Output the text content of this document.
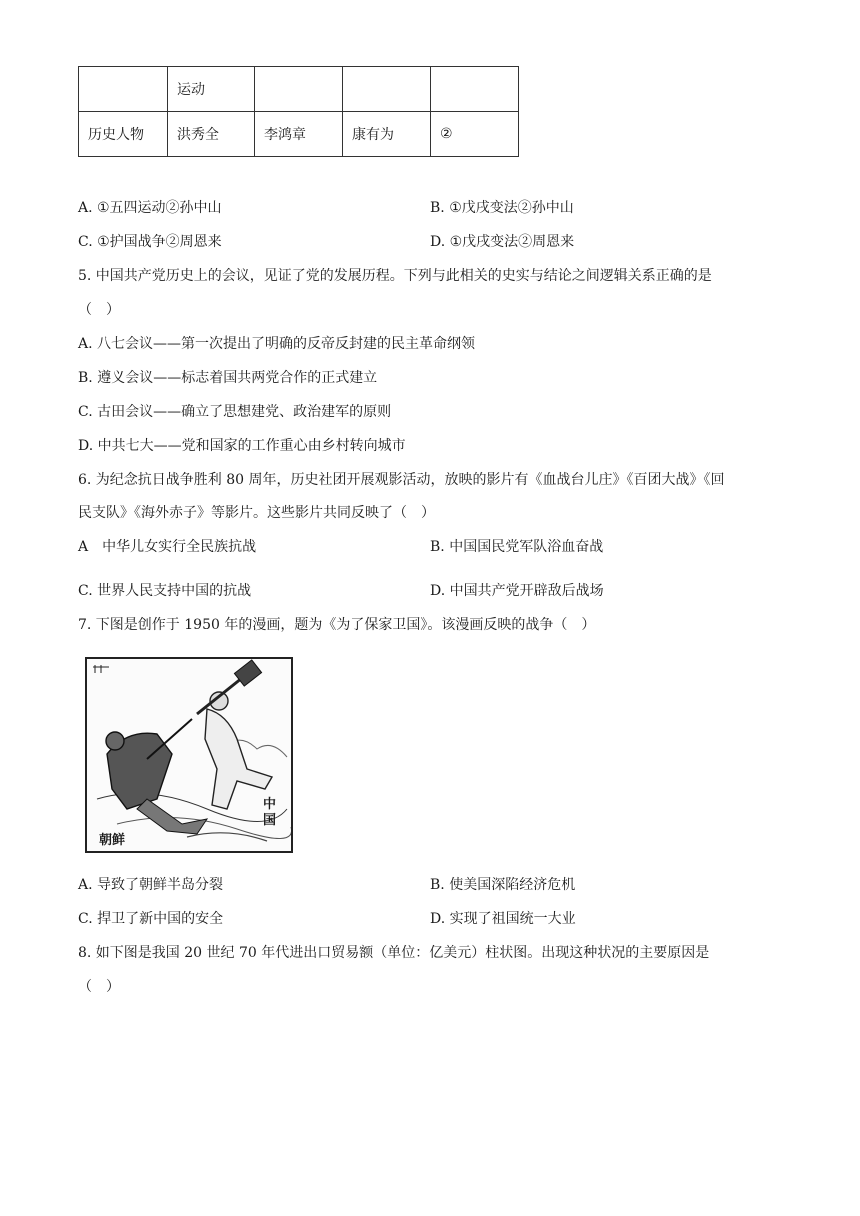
	运动			
历史人物	洪秀全	李鸿章	康有为	②
A. ①五四运动②孙中山	B. ①戊戌变法②孙中山
C. ①护国战争②周恩来	D. ①戊戌变法②周恩来
5. 中国共产党历史上的会议，见证了党的发展历程。下列与此相关的史实与结论之间逻辑关系正确的是
（　）
A. 八七会议——第一次提出了明确的反帝反封建的民主革命纲领
B. 遵义会议——标志着国共两党合作的正式建立
C. 古田会议——确立了思想建党、政治建军的原则
D. 中共七大——党和国家的工作重心由乡村转向城市
6. 为纪念抗日战争胜利 80 周年，历史社团开展观影活动，放映的影片有《血战台儿庄》《百团大战》《回
民支队》《海外赤子》等影片。这些影片共同反映了（　）
A　中华儿女实行全民族抗战	B. 中国国民党军队浴血奋战
C. 世界人民支持中国的抗战	D. 中国共产党开辟敌后战场
7. 下图是创作于 1950 年的漫画，题为《为了保家卫国》。该漫画反映的战争（　）
中
国
朝鲜
A. 导致了朝鲜半岛分裂	B. 使美国深陷经济危机
C. 捍卫了新中国的安全	D. 实现了祖国统一大业
8. 如下图是我国 20 世纪 70 年代进出口贸易额（单位：亿美元）柱状图。出现这种状况的主要原因是
（　）
